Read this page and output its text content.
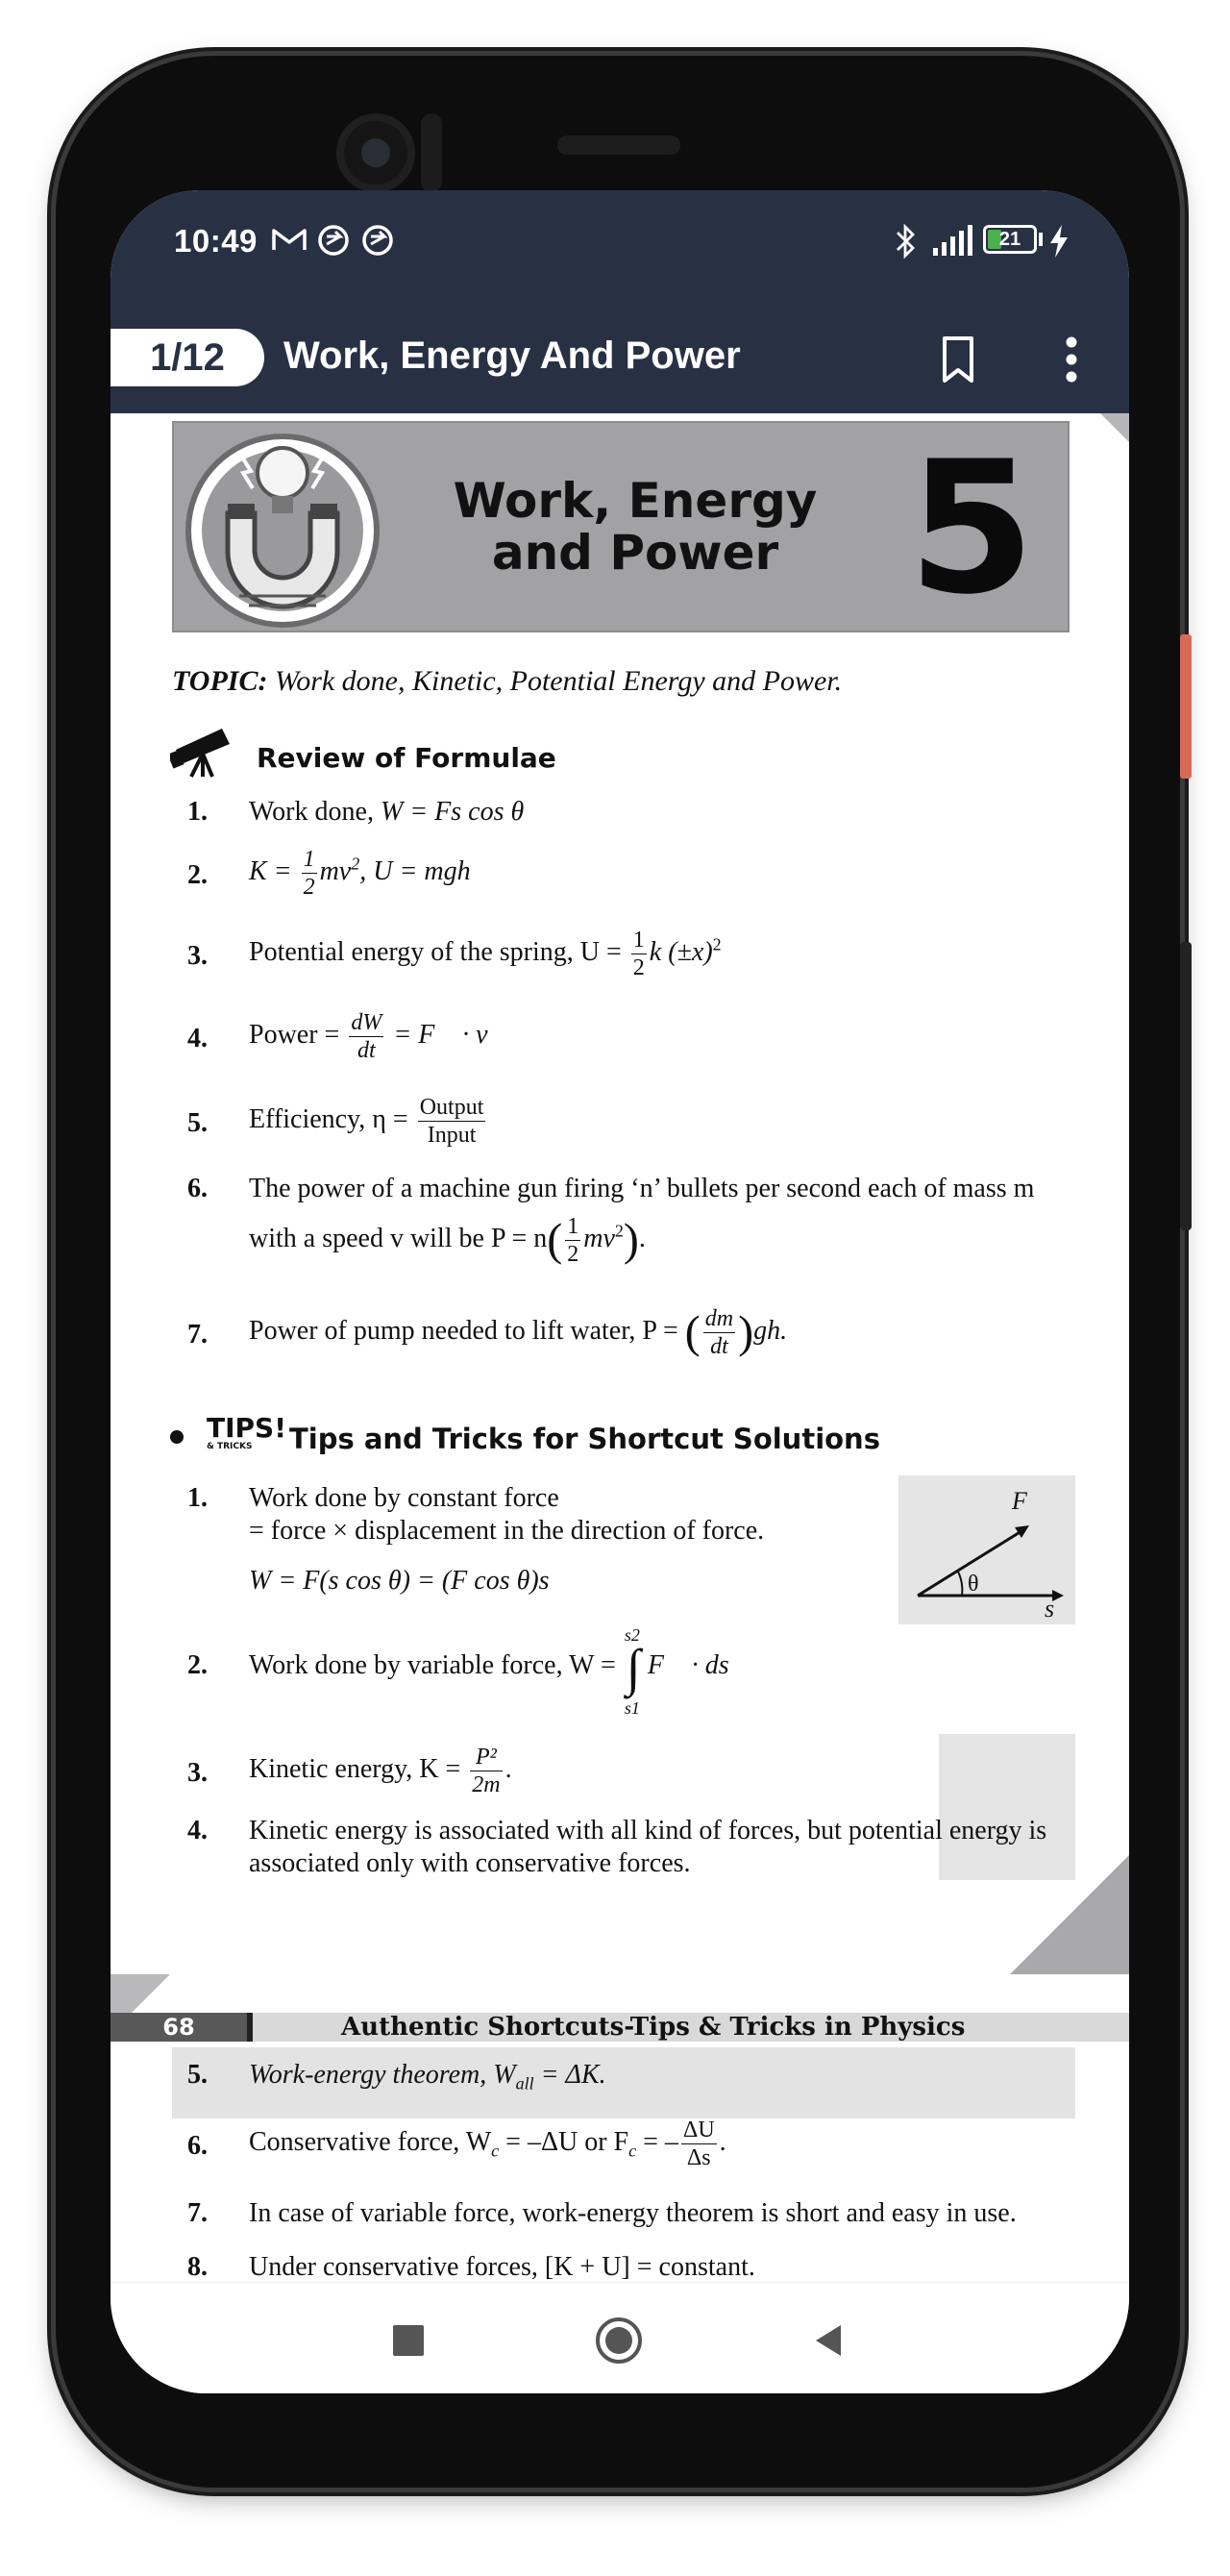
10:49	21
1/12	Work, Energy And Power
Work, Energy
and Power 5
TOPIC: Work done, Kinetic, Potential Energy and Power.
Review of Formulae
1.	Work done, W = Fs cos θ
2.	$K = \frac{1}{2} mv^2$, U = mgh
3.	Potential energy of the spring, $U = \frac{1}{2}$ k $(\pm x)^2$
4.	Power = $\frac{dW}{dt}$ = F⃗ · v⃗
5.	Efficiency, $\eta = \frac{\text{Output}}{\text{Input}}$
6.	The power of a machine gun firing ‘n’ bullets per second each of mass m
with a speed v will be $P = n( \frac{1}{2} mv^2)$.
7.	Power of pump needed to lift water, P = ( $\frac{dm}{dt} )gh$.
TIPS!
& TRICKS	Tips and Tricks for Shortcut Solutions
F
θ
s
1.	Work done by constant force
= force × displacement in the direction of force.
W = F(s cos θ) = (F cos θ)s
2.	Work done by variable force, W =
s2
∫
s1
F⃗ · ds⃗
3.	Kinetic energy, $K = \frac{\text{P²}}{2m}$ .
4.	Kinetic energy is associated with all kind of forces, but potential energy is
associated only with conservative forces.
68	Authentic Shortcuts-Tips & Tricks in Physics
5.	Work-energy theorem, $W_{all} = \Delta K$.
6.	Conservative force, $W_c = -\Delta U$ or $F_c$ = – $\frac{\Delta U}{\Delta s}$ .
7.	In case of variable force, work-energy theorem is short and easy in use.
8.	Under conservative forces, [K + U] = constant.
